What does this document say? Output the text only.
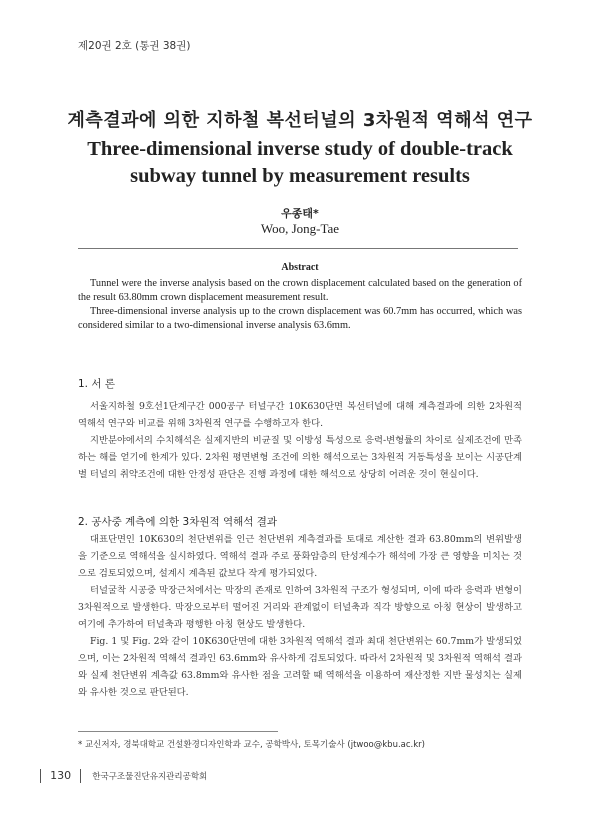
제20권 2호 (통권 38권)
계측결과에 의한 지하철 복선터널의 3차원적 역해석 연구
Three-dimensional inverse study of double-track subway tunnel by measurement results
우종태*
Woo, Jong-Tae
Abstract

Tunnel were the inverse analysis based on the crown displacement calculated based on the generation of the result 63.80mm crown displacement measurement result.

Three-dimensional inverse analysis up to the crown displacement was 60.7mm has occurred, which was considered similar to a two-dimensional inverse analysis 63.6mm.

1. 서 론

서울지하철 9호선1단계구간 000공구 터널구간 10K630단면 복선터널에 대해 계측결과에 의한 2차원적 역해석 연구와 비교를 위해 3차원적 연구를 수행하고자 한다.

지반분야에서의 수치해석은 실제지반의 비균질 및 이방성 특성으로 응력-변형률의 차이로 실제조건에 만족하는 해를 얻기에 한계가 있다. 2차원 평면변형 조건에 의한 해석으로는 3차원적 거동특성을 보이는 시공단계별 터널의 취약조건에 대한 안정성 판단은 진행 과정에 대한 해석으로 상당히 어려운 것이 현실이다.

2. 공사중 계측에 의한 3차원적 역해석 결과

대표단면인 10K630의 천단변위를 인근 천단변위 계측결과를 토대로 계산한 결과 63.80mm의 변위발생을 기준으로 역해석을 실시하였다. 역해석 결과 주로 풍화암층의 탄성계수가 해석에 가장 큰 영향을 미치는 것으로 검토되었으며, 설계시 계측된 값보다 작게 평가되었다.

터널굴착 시공중 막장근처에서는 막장의 존재로 인하여 3차원적 구조가 형성되며, 이에 따라 응력과 변형이 3차원적으로 발생한다. 막장으로부터 떨어진 거리와 관계없이 터널축과 직각 방향으로 아칭 현상이 발생하고 여기에 추가하여 터널축과 평행한 아칭 현상도 발생한다.

Fig. 1 및 Fig. 2와 같이 10K630단면에 대한 3차원적 역해석 결과 최대 천단변위는 60.7mm가 발생되었으며, 이는 2차원적 역해석 결과인 63.6mm와 유사하게 검토되었다. 따라서 2차원적 및 3차원적 역해석 결과와 실제 천단변위 계측값 63.8mm와 유사한 점을 고려할 때 역해석을 이용하여 재산정한 지반 물성치는 실제와 유사한 것으로 판단된다.

* 교신저자, 경북대학교 건설환경디자인학과 교수, 공학박사, 토목기술사 (jtwoo@kbu.ac.kr)
130 한국구조물진단유지관리공학회
